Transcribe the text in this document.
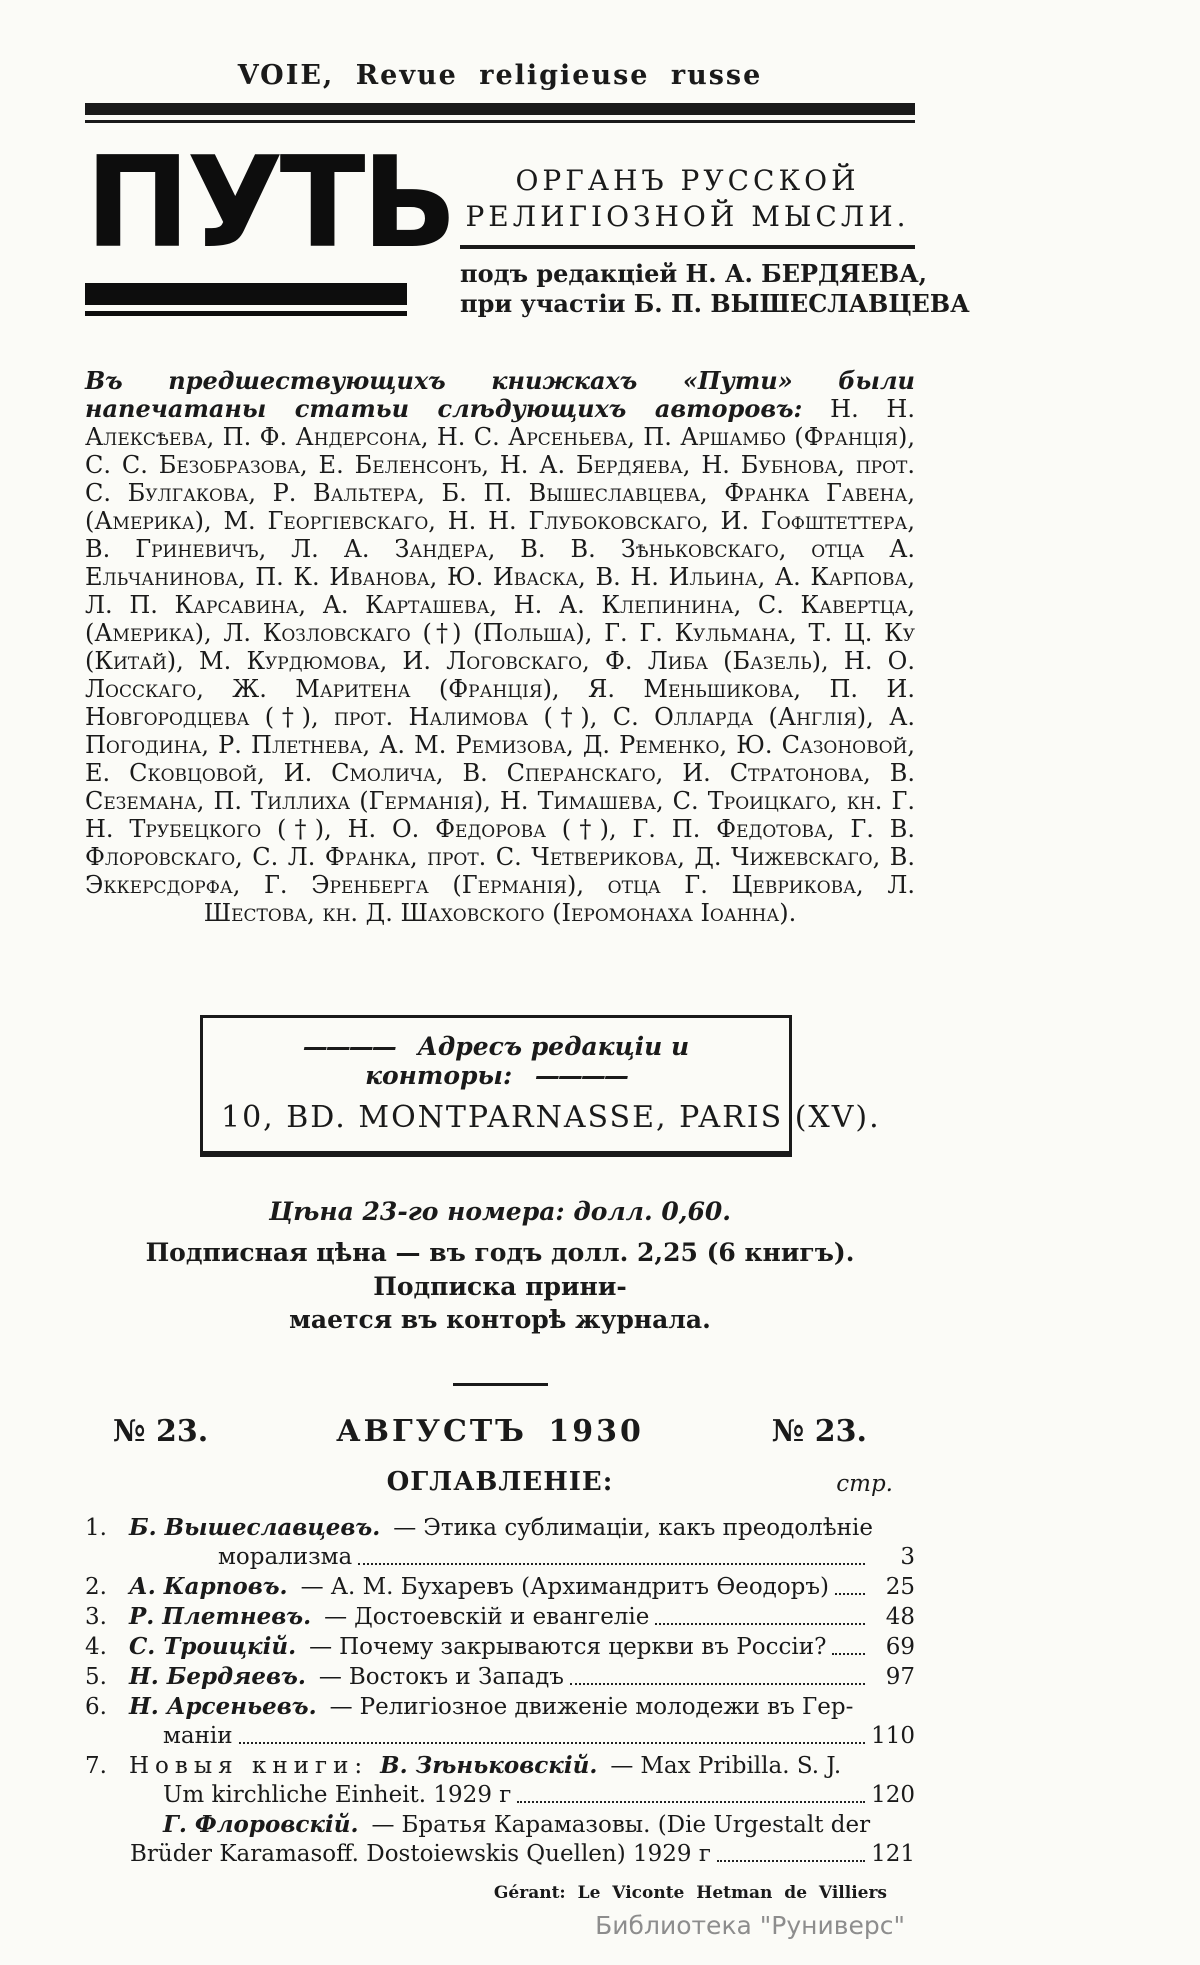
VOIE, Revue religieuse russe
ПУТЬ	ОРГАНЪ РУССКОЙ
РЕЛИГІОЗНОЙ МЫСЛИ.
подъ редакціей Н. А. БЕРДЯЕВА,
при участіи Б. П. ВЫШЕСЛАВЦЕВА

Въ предшествующихъ книжкахъ «Пути» были напечатаны статьи слѣдующихъ авторовъ: Н. Н. Алексѣева, П. Ф. Андерсона, Н. С. Арсеньева, П. Аршамбо (Франція), С. С. Безобразова, Е. Беленсонъ, Н. А. Бердяева, Н. Бубнова, прот. С. Булгакова, Р. Вальтера, Б. П. Вышеславцева, Франка Гавена, (Америка), М. Георгіевскаго, Н. Н. Глубоковскаго, И. Гофштеттера, В. Гриневичъ, Л. А. Зандера, В. В. Зѣньковскаго, отца А. Ельчанинова, П. К. Иванова, Ю. Иваска, В. Н. Ильина, А. Карпова, Л. П. Карсавина, А. Карташева, Н. А. Клепинина, С. Кавертца, (Америка), Л. Козловскаго (†) (Польша), Г. Г. Кульмана, Т. Ц. Ку (Китай), М. Курдюмова, И. Логовскаго, Ф. Либа (Базель), Н. О. Лосскаго, Ж. Маритена (Франція), Я. Меньшикова, П. И. Новгородцева (†), прот. Налимова (†), С. Олларда (Англія), А. Погодина, Р. Плетнева, А. М. Ремизова, Д. Ременко, Ю. Сазоновой, Е. Сковцовой, И. Смолича, В. Сперанскаго, И. Стратонова, В. Сеземана, П. Тиллиха (Германія), Н. Тимашева, С. Троицкаго, кн. Г. Н. Трубецкого (†), Н. О. Федорова (†), Г. П. Федотова, Г. В. Флоровскаго, С. Л. Франка, прот. С. Четверикова, Д. Чижевскаго, В. Эккерсдорфа, Г. Эренберга (Германія), отца Г. Цеврикова, Л. Шестова, кн. Д. Шаховского (Іеромонаха Іоанна).

———— Адресъ редакціи и конторы: ————
10, BD. MONTPARNASSE, PARIS (XV).
Цѣна 23-го номера: долл. 0,60.
Подписная цѣна — въ годъ долл. 2,25 (6 книгъ). Подписка прини-
мается въ конторѣ журнала.
№ 23.	АВГУСТЪ 1930	№ 23.
ОГЛАВЛЕНІЕ:	стр.
1. Б. Вышеславцевъ. — Этика сублимаціи, какъ преодолѣніе
морализма	3
2. А. Карповъ. — А. М. Бухаревъ (Архимандритъ Ѳеодоръ)	25
3. Р. Плетневъ. — Достоевскій и евангеліе	48
4. С. Троицкій. — Почему закрываются церкви въ Россіи?	69
5. Н. Бердяевъ. — Востокъ и Западъ	97
6. Н. Арсеньевъ. — Религіозное движеніе молодежи въ Гер-
маніи	110
7. Новыя книги: В. Зѣньковскій. — Max Pribilla. S. J.
Um kirchliche Einheit. 1929 г	120
Г. Флоровскій. — Братья Карамазовы. (Die Urgestalt der
Brüder Karamasoff. Dostoiewskis Quellen) 1929 г	121
Gérant: Le Viconte Hetman de Villiers
Библиотека "Руниверс"
